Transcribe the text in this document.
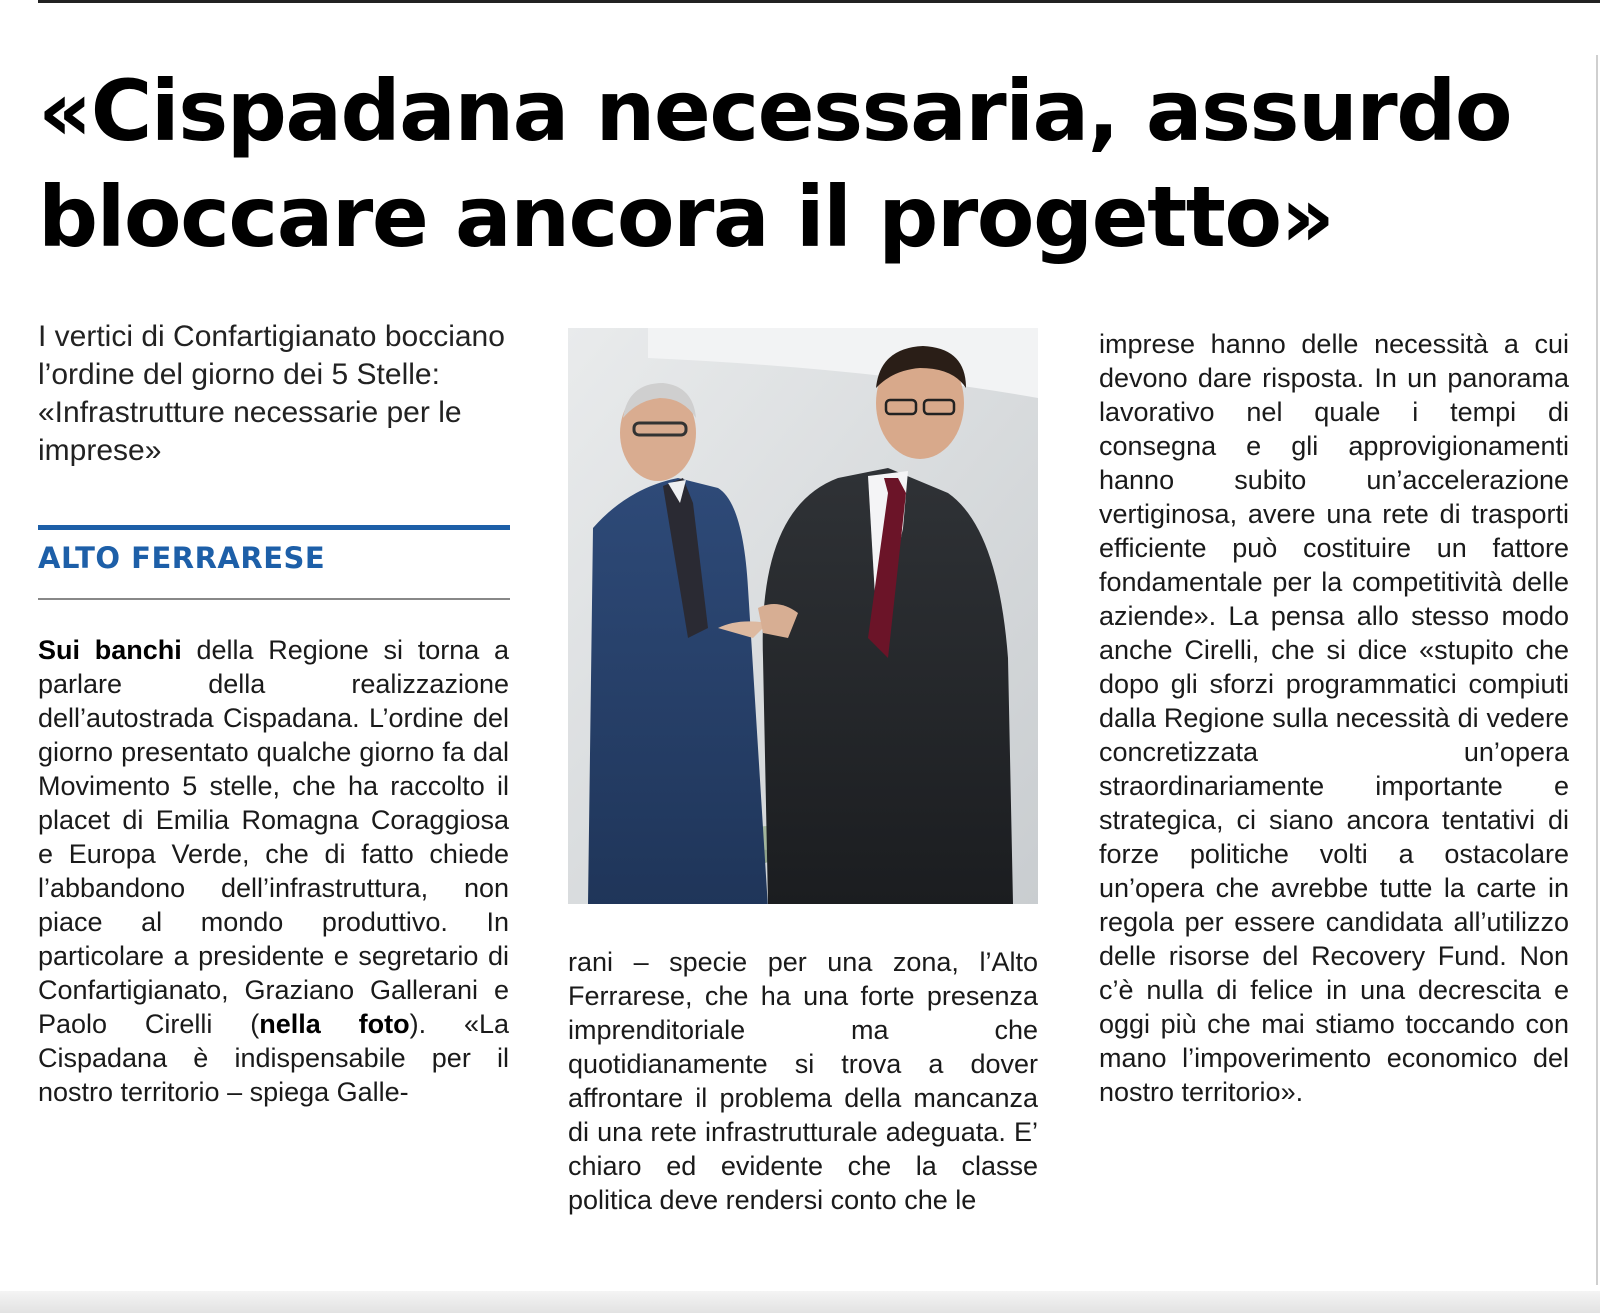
«Cispadana necessaria, assurdo bloccare ancora il progetto»

I vertici di Confartigianato bocciano l’ordine del giorno dei 5 Stelle: «Infrastrutture necessarie per le imprese»

ALTO FERRARESE

Sui banchi della Regione si torna a parlare della realizzazione dell’autostrada Cispadana. L’ordine del giorno presentato qualche giorno fa dal Movimento 5 stelle, che ha raccolto il placet di Emilia Romagna Coraggiosa e Europa Verde, che di fatto chiede l’abbandono dell’infrastruttura, non piace al mondo produttivo. In particolare a presidente e segretario di Confartigianato, Graziano Gallerani e Paolo Cirelli (nella foto). «La Cispadana è indispensabile per il nostro territorio – spiega Galle-

rani – specie per una zona, l’Alto Ferrarese, che ha una forte presenza imprenditoriale ma che quotidianamente si trova a dover affrontare il problema della mancanza di una rete infrastrutturale adeguata. E’ chiaro ed evidente che la classe politica deve rendersi conto che le

imprese hanno delle necessità a cui devono dare risposta. In un panorama lavorativo nel quale i tempi di consegna e gli approvigionamenti hanno subito un’accelerazione vertiginosa, avere una rete di trasporti efficiente può costituire un fattore fondamentale per la competitività delle aziende». La pensa allo stesso modo anche Cirelli, che si dice «stupito che dopo gli sforzi programmatici compiuti dalla Regione sulla necessità di vedere concretizzata un’opera straordinariamente importante e strategica, ci siano ancora tentativi di forze politiche volti a ostacolare un’opera che avrebbe tutte la carte in regola per essere candidata all’utilizzo delle risorse del Recovery Fund. Non c’è nulla di felice in una decrescita e oggi più che mai stiamo toccando con mano l’impoverimento economico del nostro territorio».
